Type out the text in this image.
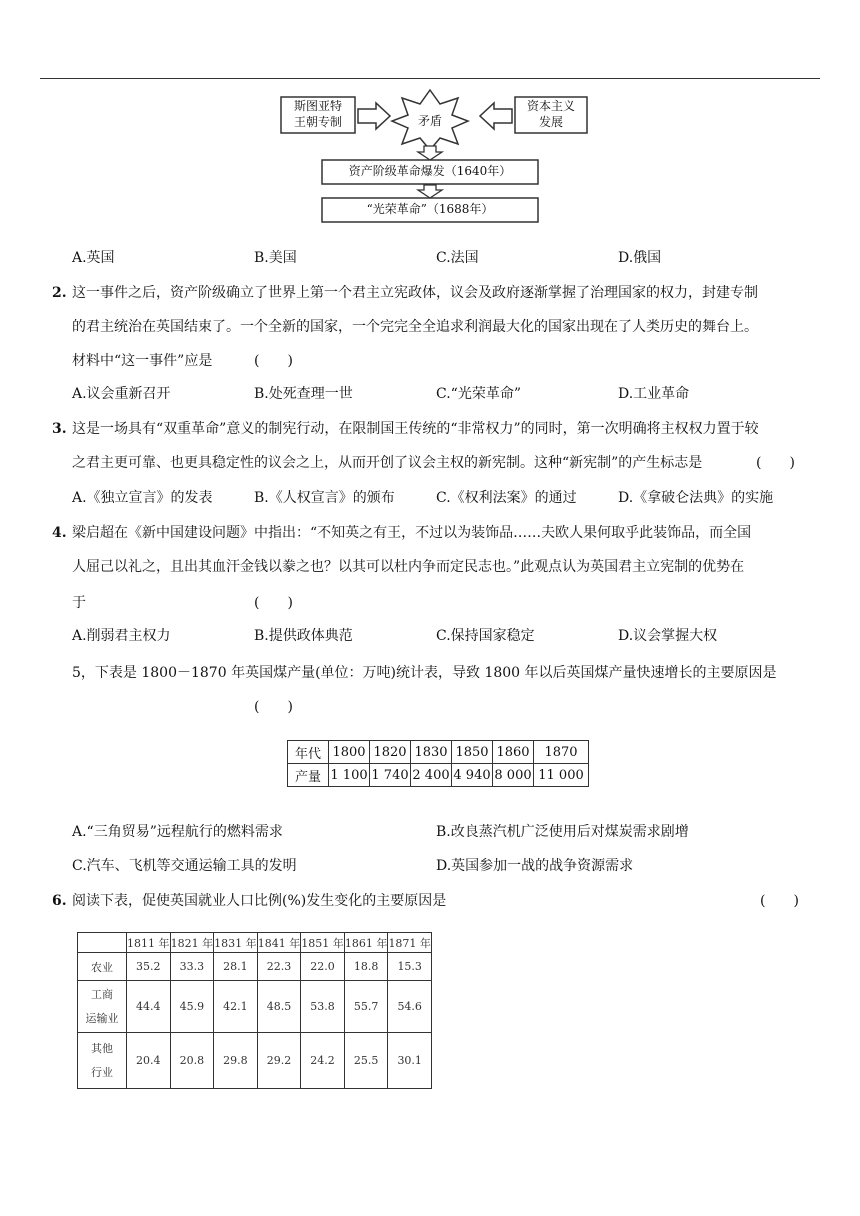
斯图亚特
王朝专制
资本主义
发展
矛盾
资产阶级革命爆发（1640年）
“光荣革命”（1688年）
A.英国	B.美国	C.法国	D.俄国
2. 这一事件之后，资产阶级确立了世界上第一个君主立宪政体，议会及政府逐渐掌握了治理国家的权力，封建专制
的君主统治在英国结束了。一个全新的国家，一个完完全全追求利润最大化的国家出现在了人类历史的舞台上。
材料中“这一事件”应是	(　　)
A.议会重新召开	B.处死查理一世	C.“光荣革命”	D.工业革命
3. 这是一场具有“双重革命”意义的制宪行动，在限制国王传统的“非常权力”的同时，第一次明确将主权权力置于较
之君主更可靠、也更具稳定性的议会之上，从而开创了议会主权的新宪制。这种“新宪制”的产生标志是	(　　)
A.《独立宣言》的发表	B.《人权宣言》的颁布	C.《权利法案》的通过	D.《拿破仑法典》的实施
4. 梁启超在《新中国建设问题》中指出：“不知英之有王，不过以为装饰品……夫欧人果何取乎此装饰品，而全国
人屈己以礼之，且出其血汗金钱以豢之也？以其可以杜内争而定民志也。”此观点认为英国君主立宪制的优势在
于	(　　)
A.削弱君主权力	B.提供政体典范	C.保持国家稳定	D.议会掌握大权
5，下表是 1800－1870 年英国煤产量(单位：万吨)统计表，导致 1800 年以后英国煤产量快速增长的主要原因是
(　　)
年代	1800	1820	1830	1850	1860	1870
产量	1 100	1 740	2 400	4 940	8 000	11 000
A.“三角贸易”远程航行的燃料需求	B.改良蒸汽机广泛使用后对煤炭需求剧增
C.汽车、飞机等交通运输工具的发明	D.英国参加一战的战争资源需求
6. 阅读下表，促使英国就业人口比例(%)发生变化的主要原因是	(　　)
	1811 年	1821 年	1831 年	1841 年	1851 年	1861 年	1871 年

农业	35.2	33.3	28.1	22.3	22.0	18.8	15.3

工商
运输业	44.4	45.9	42.1	48.5	53.8	55.7	54.6

其他
行业	20.4	20.8	29.8	29.2	24.2	25.5	30.1
